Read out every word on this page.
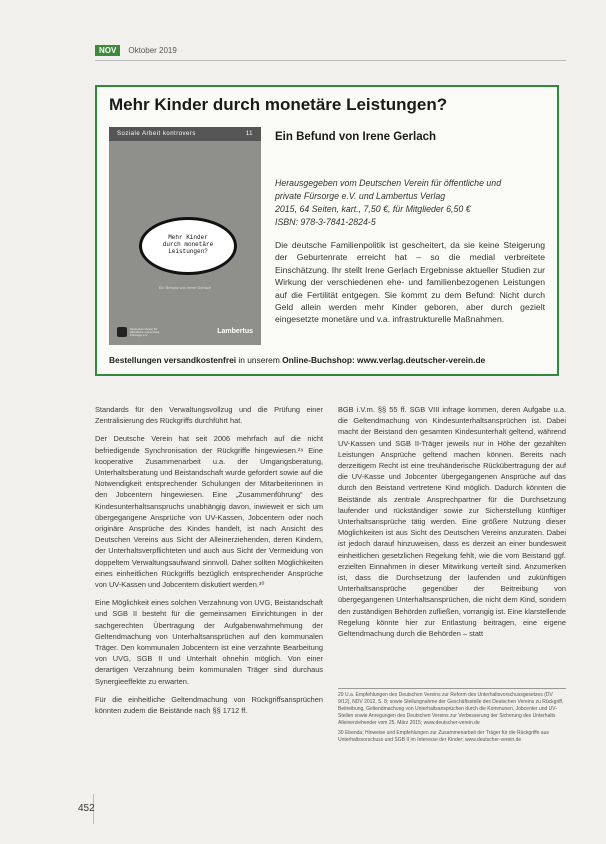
NOV	Oktober 2019
Mehr Kinder durch monetäre Leistungen?
Soziale Arbeit kontrovers	11
Mehr Kinder
durch monetäre
Leistungen?
Ein Befund von Irene Gerlach
Deutscher Verein für öffentliche und private Fürsorge e.V.	Lambertus
Ein Befund von Irene Gerlach
Herausgegeben vom Deutschen Verein für öffentliche und
private Fürsorge e.V. und Lambertus Verlag
2015, 64 Seiten, kart., 7,50 €, für Mitglieder 6,50 €
ISBN: 978-3-7841-2824-5
Die deutsche Familienpolitik ist gescheitert, da sie keine Steigerung der Geburtenrate erreicht hat – so die medial verbreitete Einschätzung. Ihr stellt Irene Gerlach Ergebnisse aktueller Studien zur Wirkung der verschiedenen ehe- und familienbezogenen Leistungen auf die Fertilität entgegen. Sie kommt zu dem Befund: Nicht durch Geld allein werden mehr Kinder geboren, aber durch gezielt eingesetzte monetäre und v.a. infrastrukturelle Maßnahmen.
Bestellungen versandkostenfrei in unserem Online-Buchshop: www.verlag.deutscher-verein.de

Standards für den Verwaltungsvollzug und die Prüfung einer Zentralisierung des Rückgriffs durchführt hat.

Der Deutsche Verein hat seit 2006 mehrfach auf die nicht befriedigende Synchronisation der Rückgriffe hingewiesen.²⁹ Eine kooperative Zusammenarbeit u.a. der Umgangsberatung, Unterhaltsberatung und Beistandschaft wurde gefordert sowie auf die Notwendigkeit entsprechender Schulungen der Mitarbeiterinnen in den Jobcentern hingewiesen. Eine „Zusammenführung“ des Kindesunterhaltsanspruchs unabhängig davon, inwieweit er sich um übergegangene Ansprüche von UV-Kassen, Jobcentern oder noch originäre Ansprüche des Kindes handelt, ist nach Ansicht des Deutschen Vereins aus Sicht der Alleinerziehenden, deren Kindern, der Unterhaltsverpflichteten und auch aus Sicht der Vermeidung von doppeltem Verwaltungsaufwand sinnvoll. Daher sollten Möglichkeiten eines einheitlichen Rückgriffs bezüglich entsprechender Ansprüche von UV-Kassen und Jobcentern diskutiert werden.³⁰

Eine Möglichkeit eines solchen Verzahnung von UVG, Beistandschaft und SGB II besteht für die gemeinsamen Einrichtungen in der sachgerechten Übertragung der Aufgabenwahrnehmung der Geltendmachung von Unterhaltsansprüchen auf den kommunalen Träger. Den kommunalen Jobcentern ist eine verzahnte Bearbeitung von UVG, SGB II und Unterhalt ohnehin möglich. Von einer derartigen Verzahnung beim kommunalen Träger sind durchaus Synergieeffekte zu erwarten.

Für die einheitliche Geltendmachung von Rückgriffsansprüchen könnten zudem die Beistände nach §§ 1712 ff.

BGB i.V.m. §§ 55 ff. SGB VIII infrage kommen, deren Aufgabe u.a. die Geltendmachung von Kindesunterhaltsansprüchen ist. Dabei macht der Beistand den gesamten Kindesunterhalt geltend, während UV-Kassen und SGB II-Träger jeweils nur in Höhe der gezahlten Leistungen Ansprüche geltend machen können. Bereits nach derzeitigem Recht ist eine treuhänderische Rückübertragung der auf die UV-Kasse und Jobcenter übergegangenen Ansprüche auf das durch den Beistand vertretene Kind möglich. Dadurch könnten die Beistände als zentrale Ansprechpartner für die Durchsetzung laufender und rückständiger sowie zur Sicherstellung künftiger Unterhaltsansprüche tätig werden. Eine größere Nutzung dieser Möglichkeiten ist aus Sicht des Deutschen Vereins anzuraten. Dabei ist jedoch darauf hinzuweisen, dass es derzeit an einer bundesweit einheitlichen gesetzlichen Regelung fehlt, wie die vom Beistand ggf. erzielten Einnahmen in dieser Mitwirkung verteilt sind. Anzumerken ist, dass die Durchsetzung der laufenden und zukünftigen Unterhaltsansprüche gegenüber der Beitreibung von übergegangenen Unterhaltsansprüchen, die nicht dem Kind, sondern den zuständigen Behörden zufließen, vorrangig ist. Eine klarstellende Regelung könnte hier zur Entlastung beitragen, eine eigene Geltendmachung durch die Behörden – statt

29 U.a. Empfehlungen des Deutschen Vereins zur Reform des Unterhaltsvorschussgesetzes (DV 9/12), NDV 2012, S. 8; sowie Stellungnahme der Geschäftsstelle des Deutschen Vereins zu Rückgriff, Beitreibung, Geltendmachung von Unterhaltsansprüchen durch die Kommunen, Jobcenter und UV-Stellen sowie Anregungen des Deutschen Vereins zur Verbesserung der Sicherung des Unterhalts Alleinerziehender vom 25. März 2015; www.deutscher-verein.de

30 Ebenda; Hinweise und Empfehlungen zur Zusammenarbeit der Träger für die Rückgriffe aus Unterhaltsvorschuss und SGB II im Interesse der Kinder; www.deutscher-verein.de

452
